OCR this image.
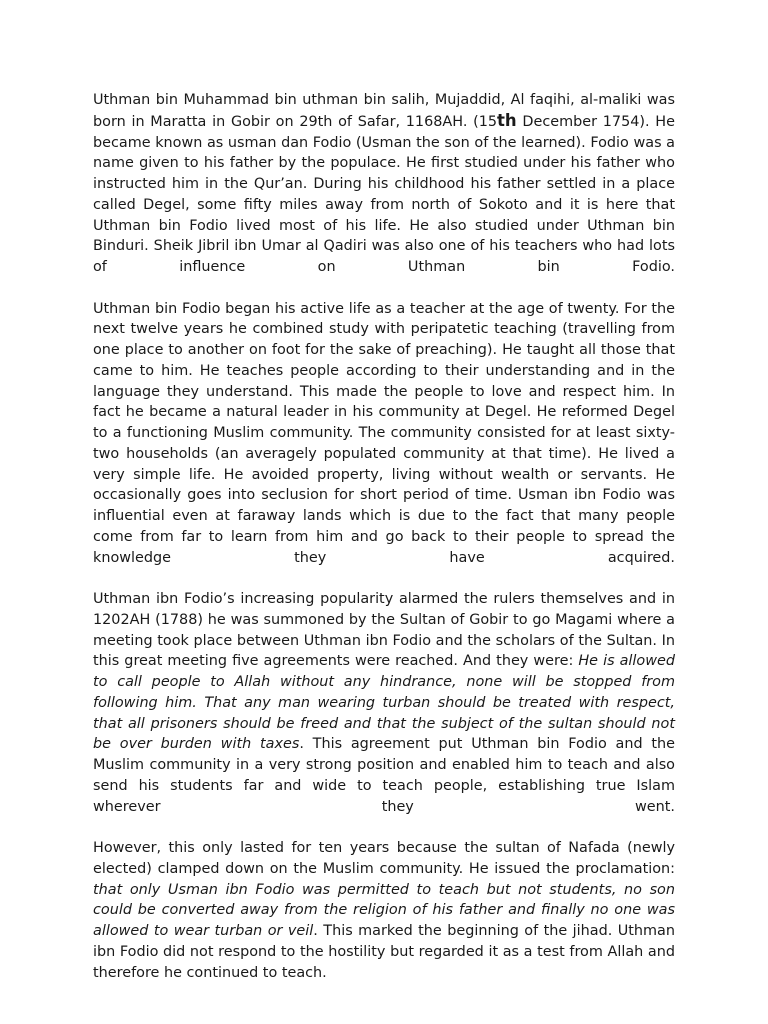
Uthman bin Muhammad bin uthman bin salih, Mujaddid, Al faqihi, al-maliki was born in Maratta in Gobir on 29th of Safar, 1168AH. (15th December 1754). He became known as usman dan Fodio (Usman the son of the learned). Fodio was a name given to his father by the populace. He first studied under his father who instructed him in the Qur’an. During his childhood his father settled in a place called Degel, some fifty miles away from north of Sokoto and it is here that Uthman bin Fodio lived most of his life. He also studied under Uthman bin Binduri. Sheik Jibril ibn Umar al Qadiri was also one of his teachers who had lots of influence on Uthman bin Fodio.

Uthman bin Fodio began his active life as a teacher at the age of twenty. For the next twelve years he combined study with peripatetic teaching (travelling from one place to another on foot for the sake of preaching). He taught all those that came to him. He teaches people according to their understanding and in the language they understand. This made the people to love and respect him. In fact he became a natural leader in his community at Degel. He reformed Degel to a functioning Muslim community. The community consisted for at least sixty-two households (an averagely populated community at that time). He lived a very simple life. He avoided property, living without wealth or servants. He occasionally goes into seclusion for short period of time. Usman ibn Fodio was influential even at faraway lands which is due to the fact that many people come from far to learn from him and go back to their people to spread the knowledge they have acquired.

Uthman ibn Fodio’s increasing popularity alarmed the rulers themselves and in 1202AH (1788) he was summoned by the Sultan of Gobir to go Magami where a meeting took place between Uthman ibn Fodio and the scholars of the Sultan. In this great meeting five agreements were reached. And they were: He is allowed to call people to Allah without any hindrance, none will be stopped from following him. That any man wearing turban should be treated with respect, that all prisoners should be freed and that the subject of the sultan should not be over burden with taxes. This agreement put Uthman bin Fodio and the Muslim community in a very strong position and enabled him to teach and also send his students far and wide to teach people, establishing true Islam wherever they went.

However, this only lasted for ten years because the sultan of Nafada (newly elected) clamped down on the Muslim community. He issued the proclamation: that only Usman ibn Fodio was permitted to teach but not students, no son could be converted away from the religion of his father and finally no one was allowed to wear turban or veil. This marked the beginning of the jihad. Uthman ibn Fodio did not respond to the hostility but regarded it as a test from Allah and therefore he continued to teach.
